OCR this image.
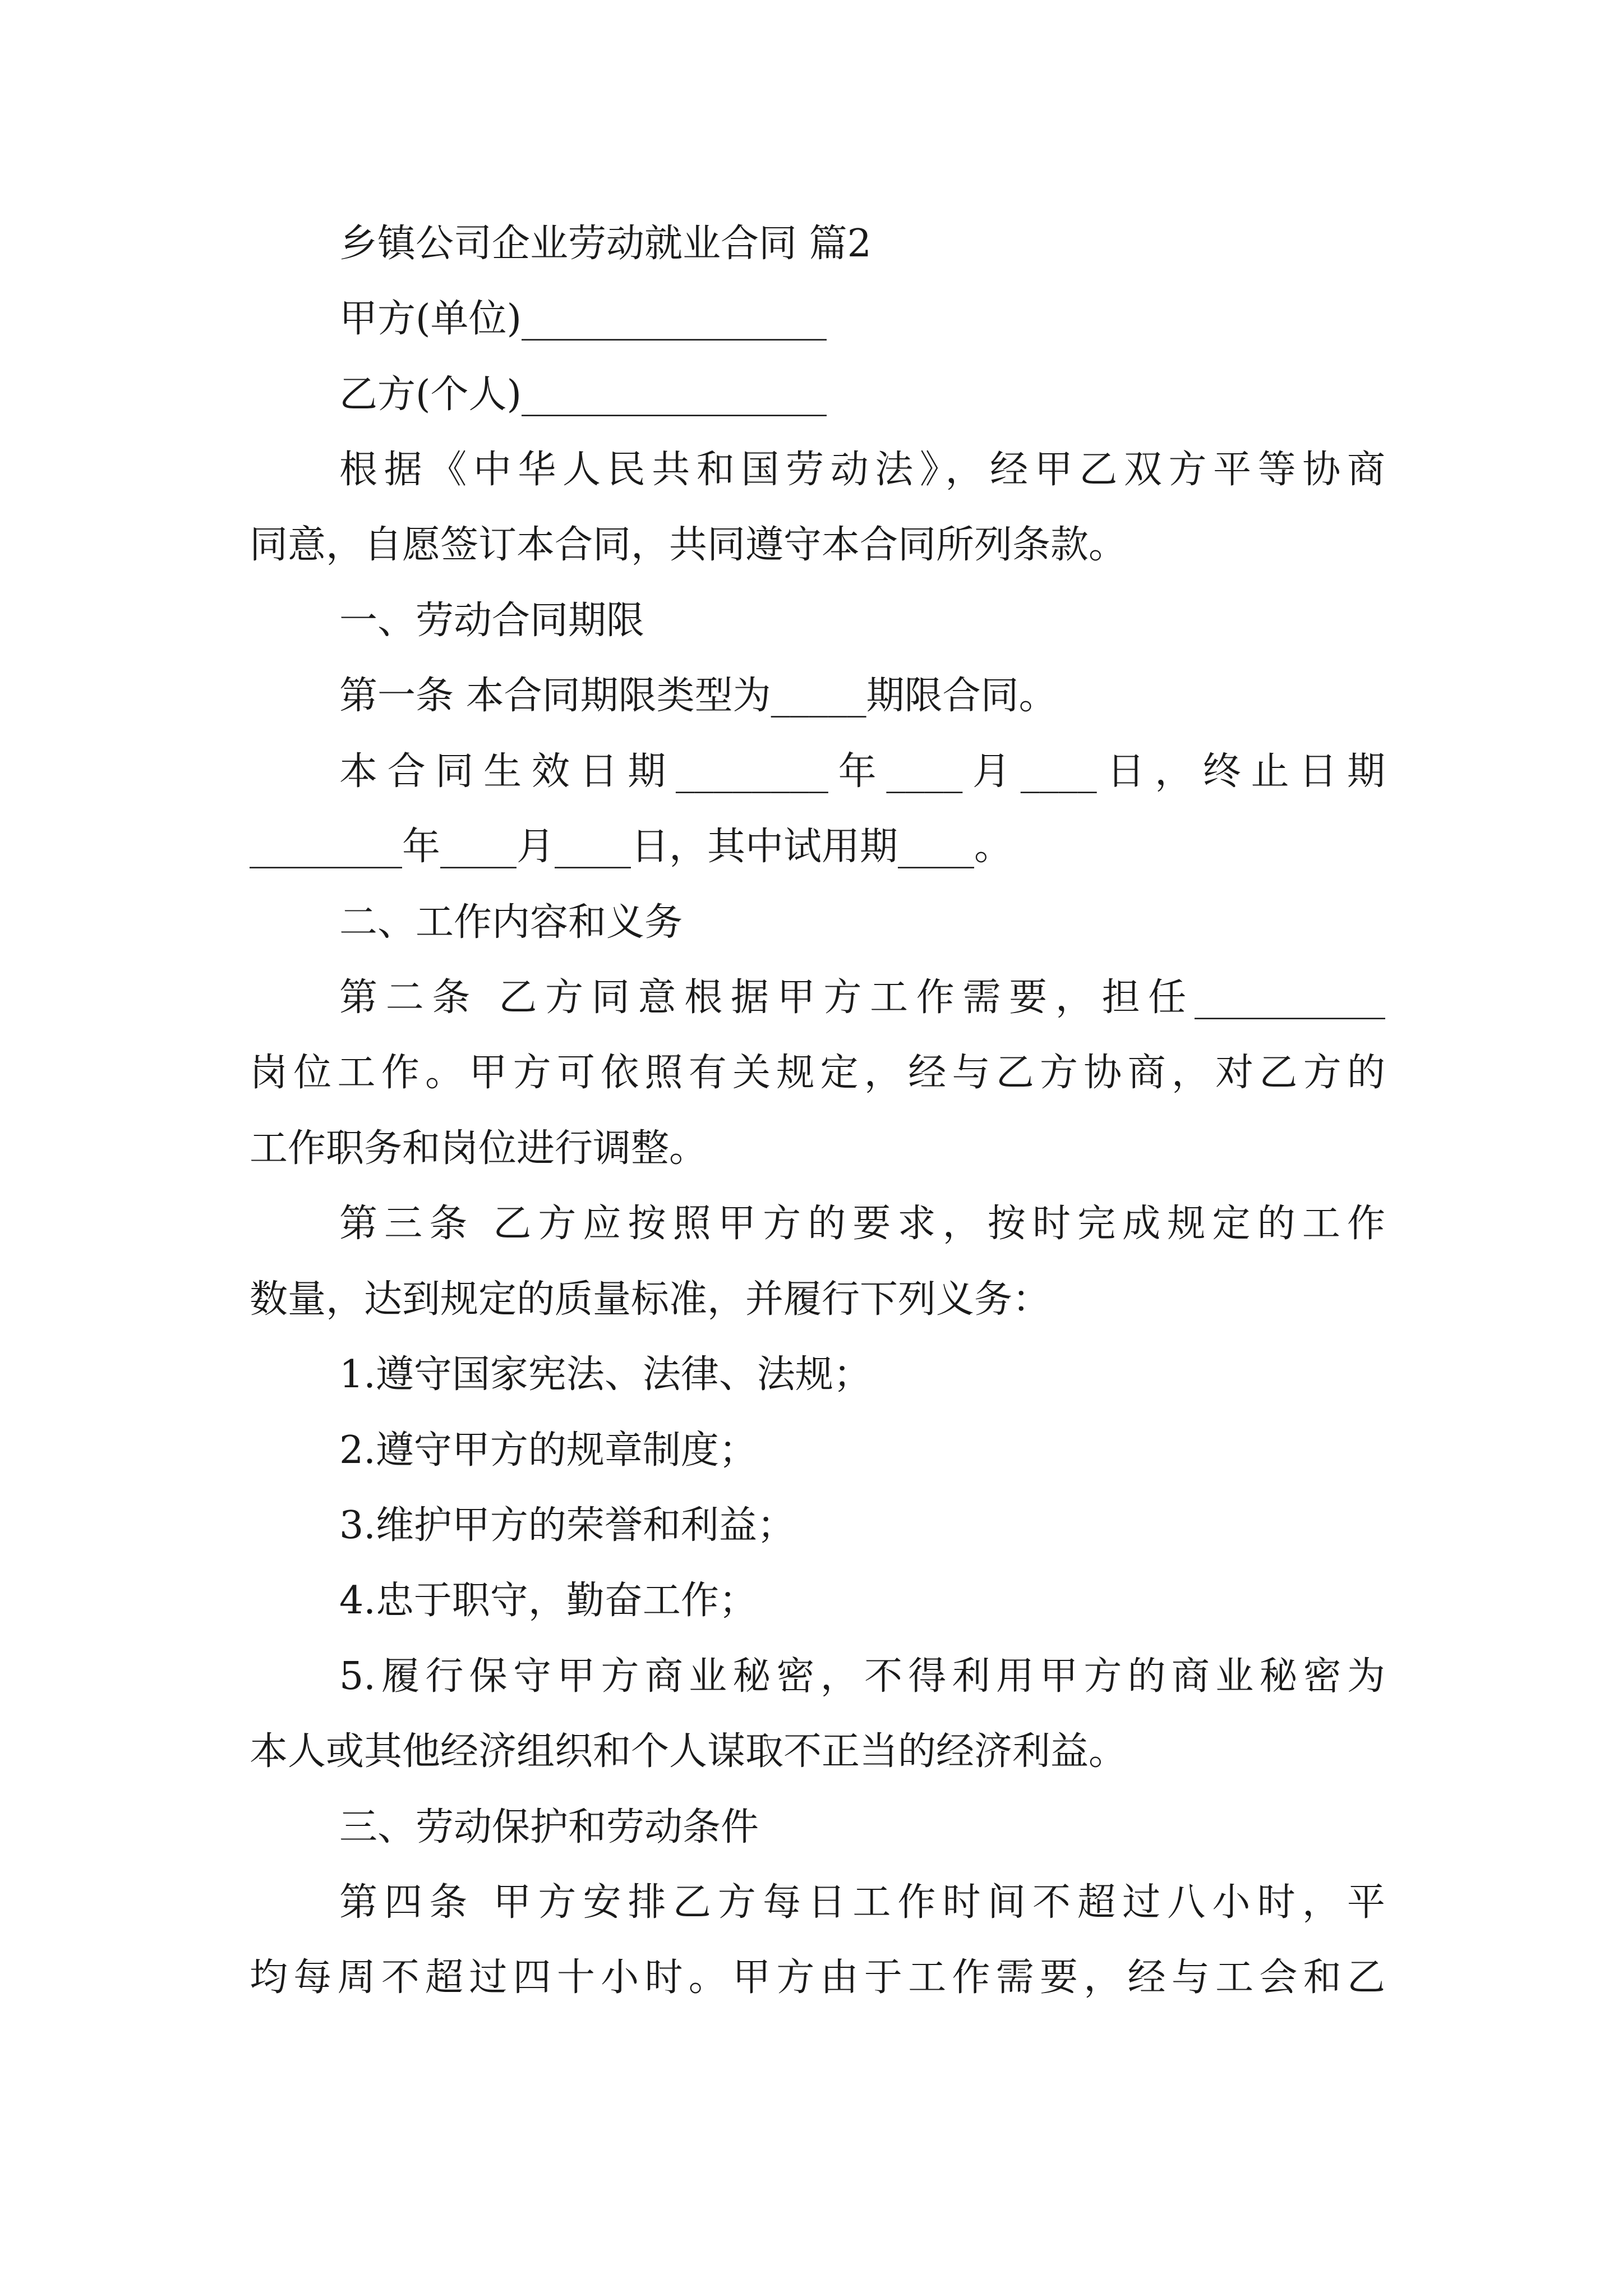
乡镇公司企业劳动就业合同 篇2
甲方(单位)________________
乙方(个人)________________
根据《中华人民共和国劳动法》，经甲乙双方平等协商
同意，自愿签订本合同，共同遵守本合同所列条款。
一、劳动合同期限
第一条 本合同期限类型为_____期限合同。
本合同生效日期________年____月____日，终止日期
________年____月____日，其中试用期____。
二、工作内容和义务
第二条 乙方同意根据甲方工作需要，担任__________
岗位工作。甲方可依照有关规定，经与乙方协商，对乙方的
工作职务和岗位进行调整。
第三条 乙方应按照甲方的要求，按时完成规定的工作
数量，达到规定的质量标准，并履行下列义务：
1.遵守国家宪法、法律、法规；
2.遵守甲方的规章制度；
3.维护甲方的荣誉和利益；
4.忠于职守，勤奋工作；
5.履行保守甲方商业秘密，不得利用甲方的商业秘密为
本人或其他经济组织和个人谋取不正当的经济利益。
三、劳动保护和劳动条件
第四条 甲方安排乙方每日工作时间不超过八小时，平
均每周不超过四十小时。甲方由于工作需要，经与工会和乙
